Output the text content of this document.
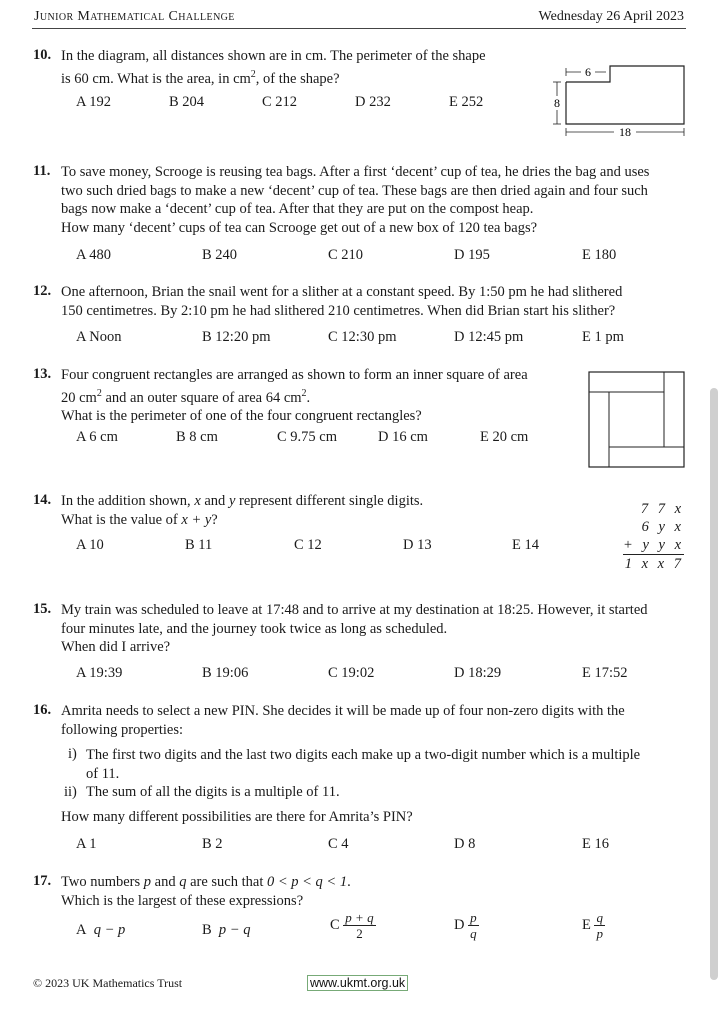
Junior Mathematical Challenge	Wednesday 26 April 2023
10. In the diagram, all distances shown are in cm. The perimeter of the shape
is 60 cm. What is the area, in $cm^2$, of the shape?
A 192	B 204	C 212	D 232	E 252
6
8
18
11. To save money, Scrooge is reusing tea bags. After a first ‘decent’ cup of tea, he dries the bag and uses
two such dried bags to make a new ‘decent’ cup of tea. These bags are then dried again and four such
bags now make a ‘decent’ cup of tea. After that they are put on the compost heap.
How many ‘decent’ cups of tea can Scrooge get out of a new box of 120 tea bags?
A 480	B 240	C 210	D 195	E 180
12. One afternoon, Brian the snail went for a slither at a constant speed. By 1:50 pm he had slithered
150 centimetres. By 2:10 pm he had slithered 210 centimetres. When did Brian start his slither?
A Noon	B 12:20 pm	C 12:30 pm	D 12:45 pm	E 1 pm
13. Four congruent rectangles are arranged as shown to form an inner square of area
20 $cm^2$ and an outer square of area 64 $cm^2$.
What is the perimeter of one of the four congruent rectangles?
A 6 cm	B 8 cm	C 9.75 cm	D 16 cm	E 20 cm
14. In the addition shown, x and y represent different single digits.
What is the value of x + y?
A 10	B 11	C 12	D 13	E 14
7 7 x
6 y x
+ y y x
1 x x 7
15. My train was scheduled to leave at 17:48 and to arrive at my destination at 18:25. However, it started
four minutes late, and the journey took twice as long as scheduled.
When did I arrive?
A 19:39	B 19:06	C 19:02	D 18:29	E 17:52
16. Amrita needs to select a new PIN. She decides it will be made up of four non-zero digits with the
following properties:
i) The first two digits and the last two digits each make up a two-digit number which is a multiple
of 11.
ii) The sum of all the digits is a multiple of 11.
How many different possibilities are there for Amrita’s PIN?
A 1	B 2	C 4	D 8	E 16
17. Two numbers p and q are such that 0 < p < q < 1.
Which is the largest of these expressions?
A q − p	B p − q	C $\frac{p + q}{2}$	D $\frac{p}{q}$	E $\frac{q}{p}$
© 2023 UK Mathematics Trust	www.ukmt.org.uk
